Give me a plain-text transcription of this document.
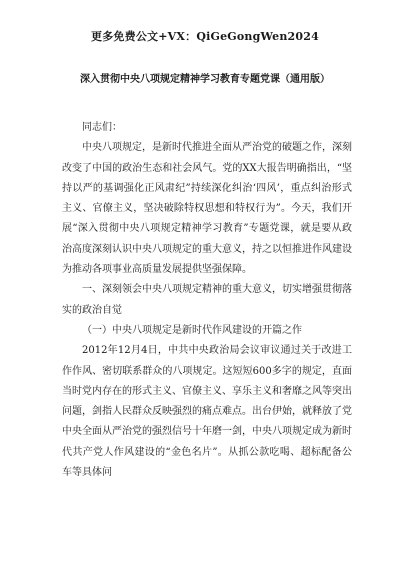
更多免费公文+VX：QiGeGongWen2024
深入贯彻中央八项规定精神学习教育专题党课（通用版）

同志们：

中央八项规定，是新时代推进全面从严治党的破题之作，深刻改变了中国的政治生态和社会风气。党的XX大报告明确指出，“坚持以严的基调强化正风肃纪”持续深化纠治‘四风’，重点纠治形式主义、官僚主义，坚决破除特权思想和特权行为”。今天，我们开展“深入贯彻中央八项规定精神学习教育”专题党课，就是要从政治高度深刻认识中央八项规定的重大意义，持之以恒推进作风建设为推动各项事业高质量发展提供坚强保障。

一、深刻领会中央八项规定精神的重大意义，切实增强贯彻落实的政治自觉

（一）中央八项规定是新时代作风建设的开篇之作

2012年12月4日，中共中央政治局会议审议通过关于改进工作作风、密切联系群众的八项规定。这短短600多字的规定，直面当时党内存在的形式主义、官僚主义、享乐主义和奢靡之风等突出问题，剑指人民群众反映强烈的痛点难点。出台伊始，就释放了党中央全面从严治党的强烈信号十年磨一剑，中央八项规定成为新时代共产党人作风建设的“金色名片”。从抓公款吃喝、超标配备公车等具体问
